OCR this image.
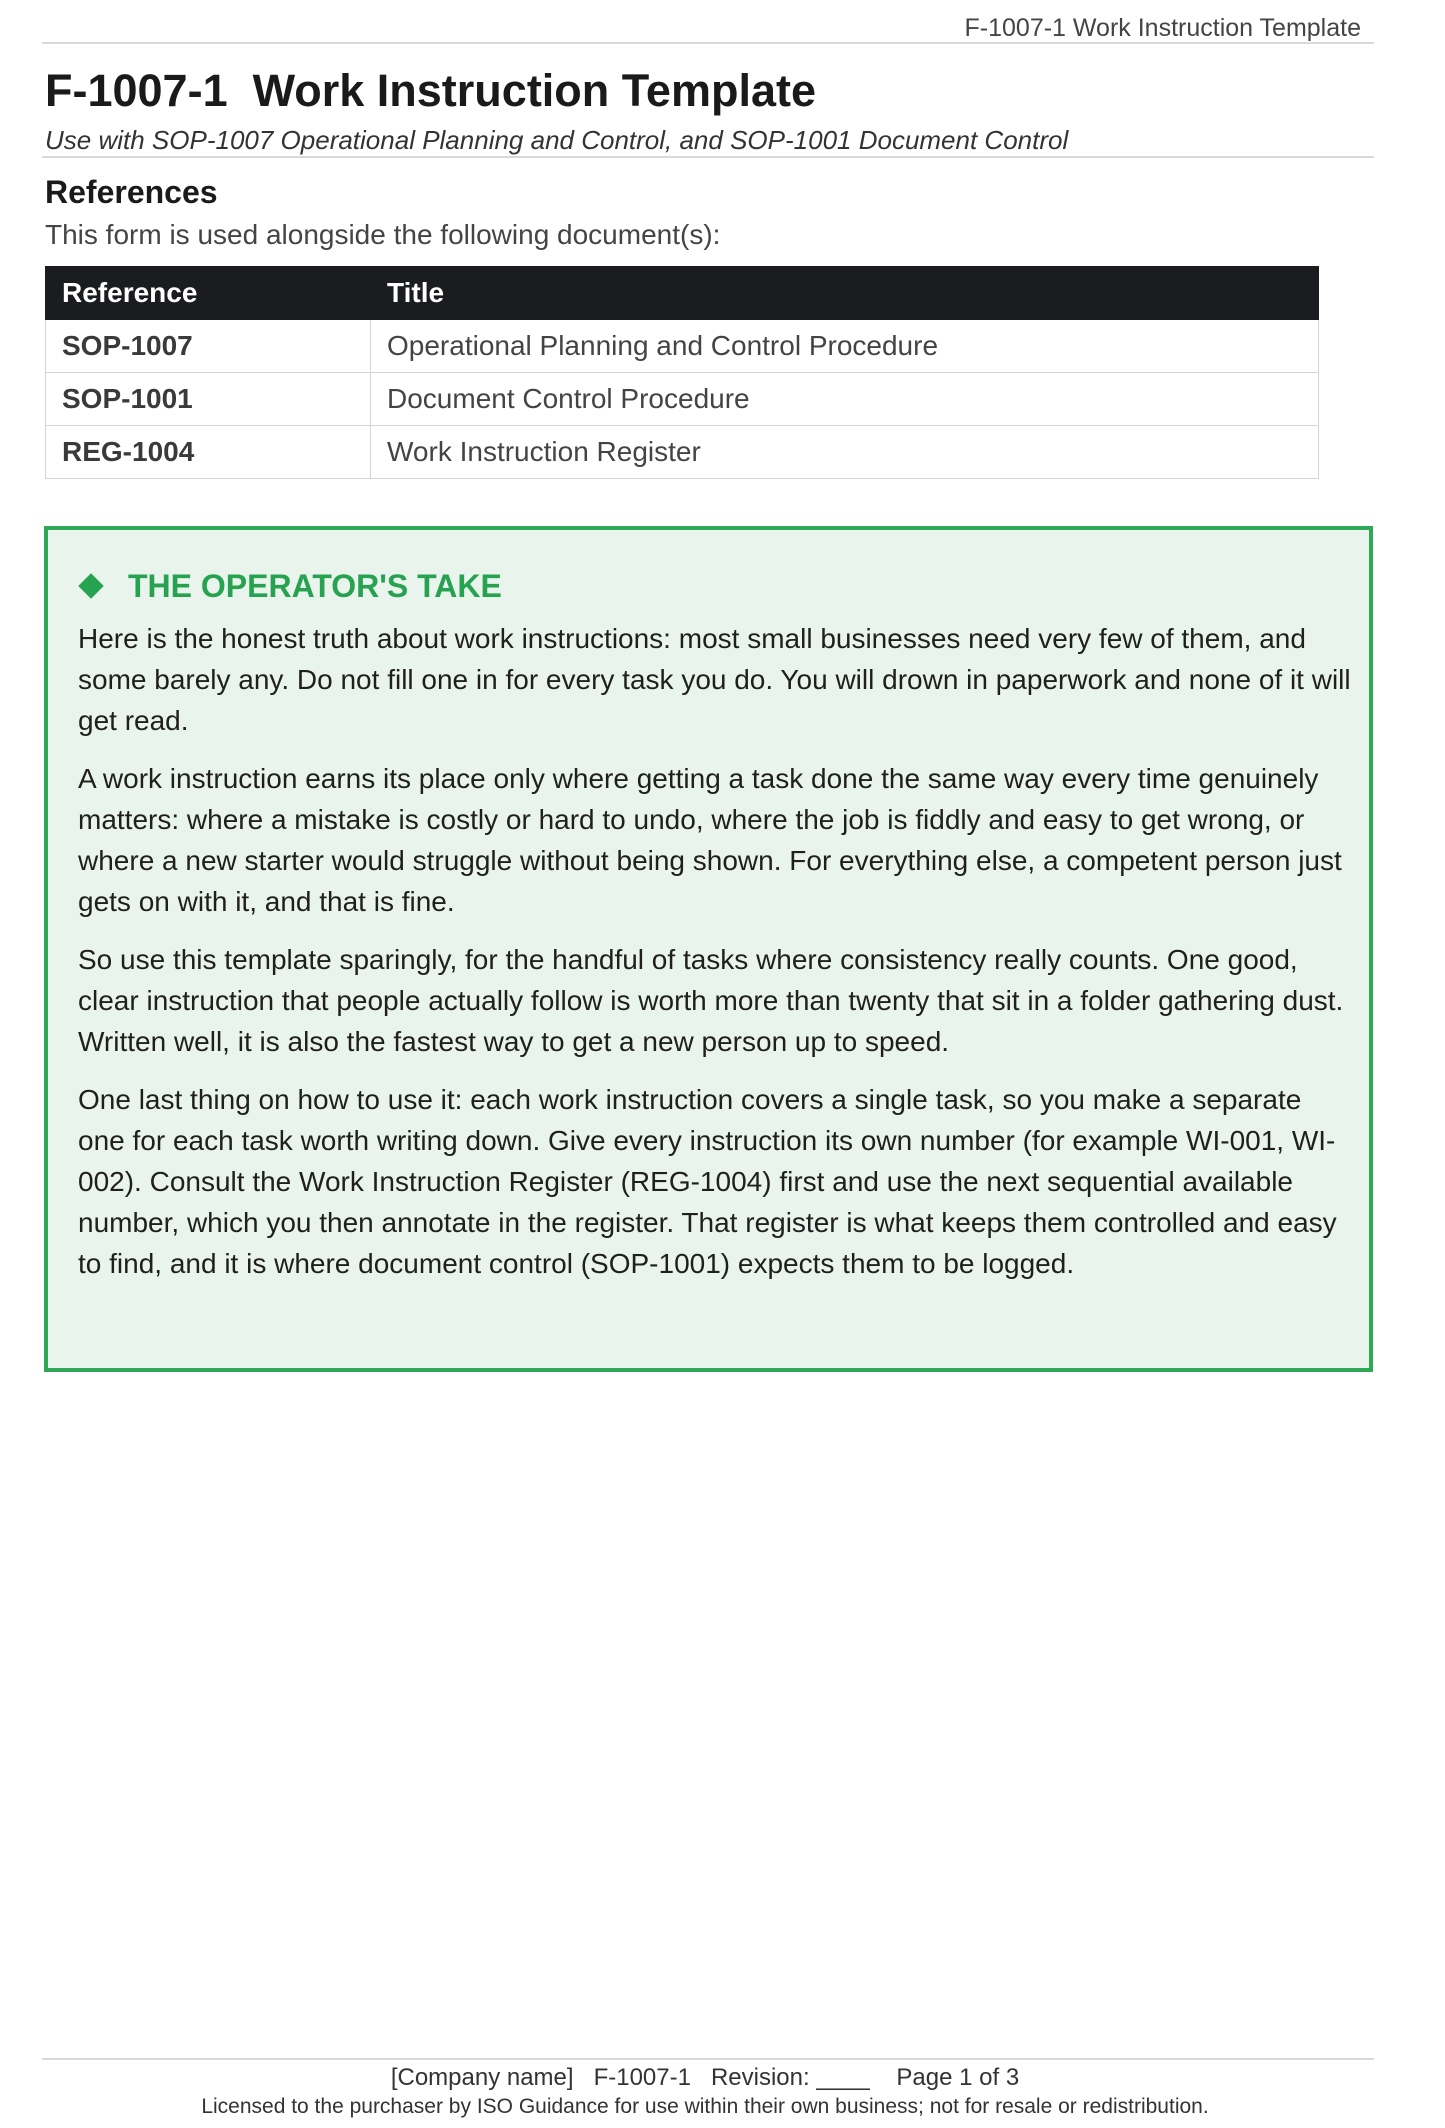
F-1007-1 Work Instruction Template
F-1007-1  Work Instruction Template
Use with SOP-1007 Operational Planning and Control, and SOP-1001 Document Control
References
This form is used alongside the following document(s):
Reference	Title
SOP-1007	Operational Planning and Control Procedure
SOP-1001	Document Control Procedure
REG-1004	Work Instruction Register
THE OPERATOR'S TAKE

Here is the honest truth about work instructions: most small businesses need very few of them, and some barely any. Do not fill one in for every task you do. You will drown in paperwork and none of it will get read.

A work instruction earns its place only where getting a task done the same way every time genuinely matters: where a mistake is costly or hard to undo, where the job is fiddly and easy to get wrong, or where a new starter would struggle without being shown. For everything else, a competent person just gets on with it, and that is fine.

So use this template sparingly, for the handful of tasks where consistency really counts. One good, clear instruction that people actually follow is worth more than twenty that sit in a folder gathering dust. Written well, it is also the fastest way to get a new person up to speed.

One last thing on how to use it: each work instruction covers a single task, so you make a separate one for each task worth writing down. Give every instruction its own number (for example WI-001, WI-002). Consult the Work Instruction Register (REG-1004) first and use the next sequential available number, which you then annotate in the register. That register is what keeps them controlled and easy to find, and it is where document control (SOP-1001) expects them to be logged.

[Company name]   F-1007-1   Revision: ____    Page 1 of 3
Licensed to the purchaser by ISO Guidance for use within their own business; not for resale or redistribution.
